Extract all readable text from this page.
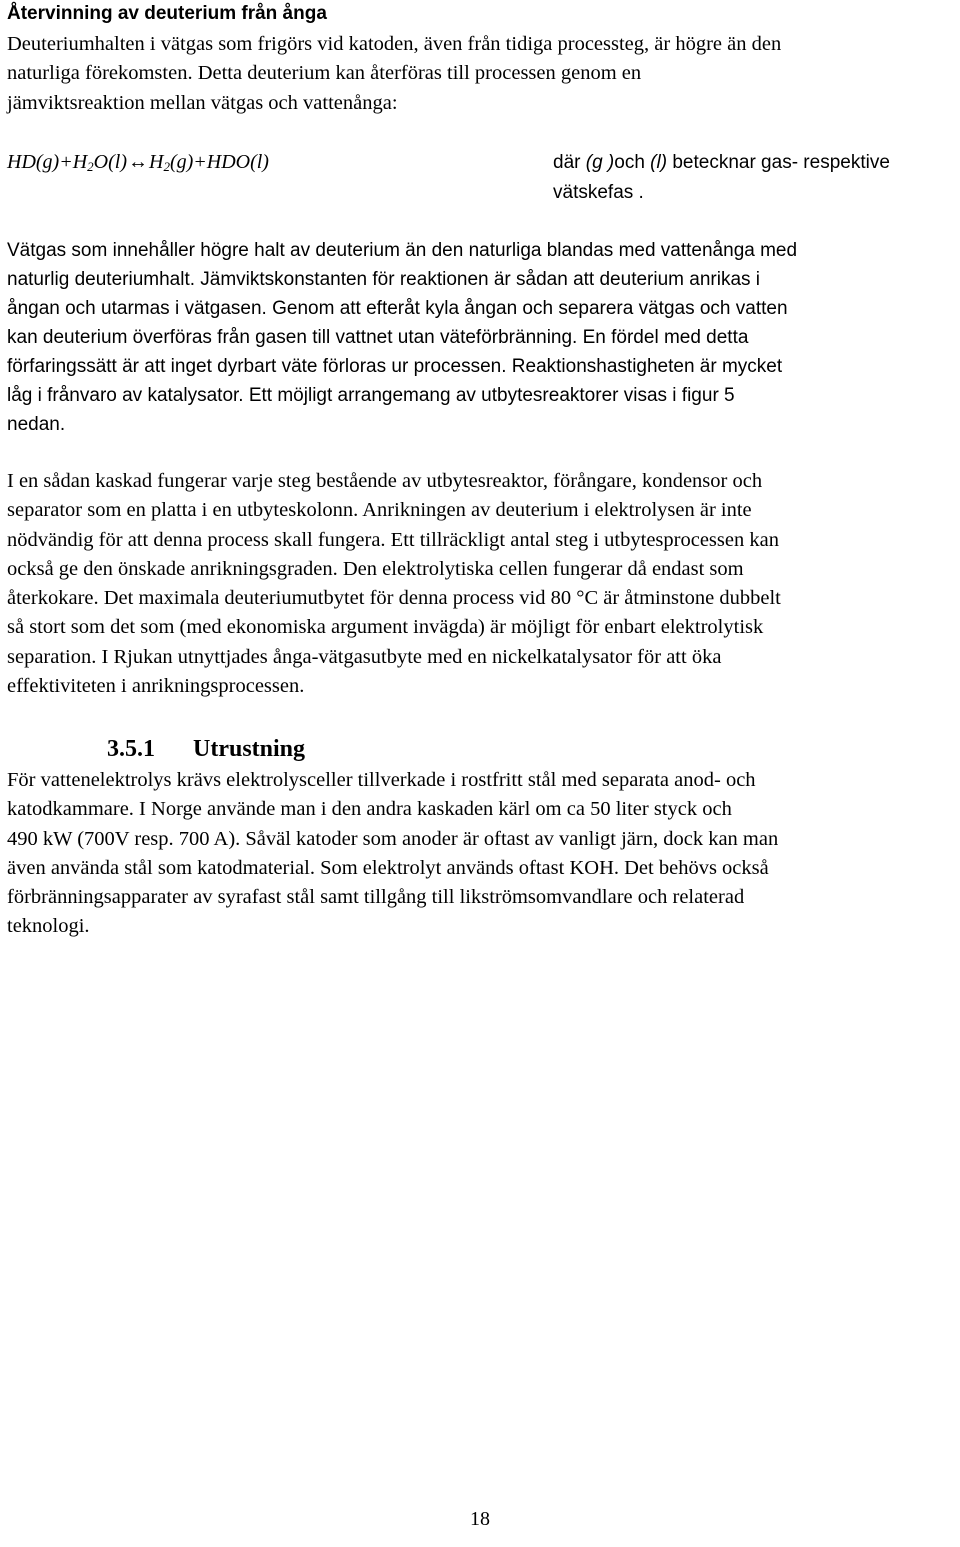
Återvinning av deuterium från ånga
Deuteriumhalten i vätgas som frigörs vid katoden, även från tidiga processteg, är högre än den
naturliga förekomsten. Detta deuterium kan återföras till processen genom en
jämviktsreaktion mellan vätgas och vattenånga:
$HD(g)+H_2O(l)\leftrightarrow H_2(g)+HDO(l)$	där (g )och (l) betecknar gas- respektive
vätskefas .
Vätgas som innehåller högre halt av deuterium än den naturliga blandas med vattenånga med
naturlig deuteriumhalt. Jämviktskonstanten för reaktionen är sådan att deuterium anrikas i
ångan och utarmas i vätgasen. Genom att efteråt kyla ångan och separera vätgas och vatten
kan deuterium överföras från gasen till vattnet utan väteförbränning. En fördel med detta
förfaringssätt är att inget dyrbart väte förloras ur processen. Reaktionshastigheten är mycket
låg i frånvaro av katalysator. Ett möjligt arrangemang av utbytesreaktorer visas i figur 5
nedan.
I en sådan kaskad fungerar varje steg bestående av utbytesreaktor, förångare, kondensor och
separator som en platta i en utbyteskolonn. Anrikningen av deuterium i elektrolysen är inte
nödvändig för att denna process skall fungera. Ett tillräckligt antal steg i utbytesprocessen kan
också ge den önskade anrikningsgraden. Den elektrolytiska cellen fungerar då endast som
återkokare. Det maximala deuteriumutbytet för denna process vid 80 °C är åtminstone dubbelt
så stort som det som (med ekonomiska argument invägda) är möjligt för enbart elektrolytisk
separation. I Rjukan utnyttjades ånga-vätgasutbyte med en nickelkatalysator för att öka
effektiviteten i anrikningsprocessen.
3.5.1 Utrustning
För vattenelektrolys krävs elektrolysceller tillverkade i rostfritt stål med separata anod- och
katodkammare. I Norge använde man i den andra kaskaden kärl om ca 50 liter styck och
490 kW (700V resp. 700 A). Såväl katoder som anoder är oftast av vanligt järn, dock kan man
även använda stål som katodmaterial. Som elektrolyt används oftast KOH. Det behövs också
förbränningsapparater av syrafast stål samt tillgång till likströmsomvandlare och relaterad
teknologi.
18
